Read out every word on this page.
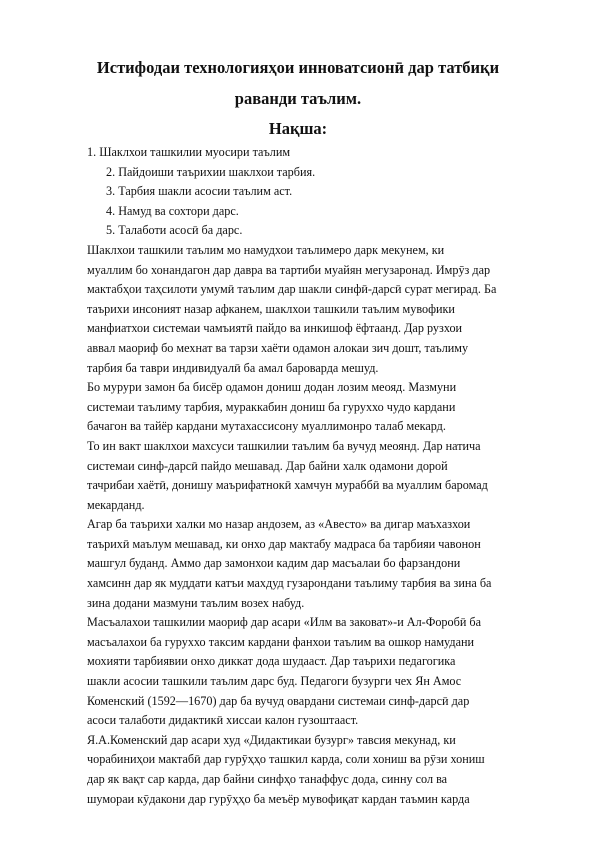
Истифодаи технологияҳои инноватсионӣ дар татбиқи
раванди таълим.
Нақша:
1. Шаклхои ташкилии муосири таълим
2. Пайдоиши таърихии шаклхои тарбия.
3. Тарбия шакли асосии таълим аст.
4. Намуд ва сохтори дарс.
5. Талаботи асосӣ ба дарс.
Шаклхои ташкили таълим мо намудхои таълимеро дарк мекунем, ки
муаллим бо хонандагон дар давра ва тартиби муайян мегузаронад. Имрӯз дар
мактабҳои таҳсилоти умумӣ таълим дар шакли синфӣ-дарсӣ сурат мегирад. Ба
таърихи инсоният назар афканем, шаклхои ташкили таълим мувофики
манфиатхои системаи чамъиятӣ пайдо ва инкишоф ёфтаанд. Дар рузхои
аввал маориф бо мехнат ва тарзи хаёти одамон алокаи зич дошт, таълиму
тарбия ба таври индивидуалӣ ба амал бароварда мешуд.
Бо мурури замон ба бисёр одамон дониш додан лозим меояд. Мазмуни
системаи таълиму тарбия, мураккабин дониш ба гуруххо чудо кардани
бачагон ва тайёр кардани мутахассисону муаллимонро талаб мекард.
То ин вакт шаклхои махсуси ташкилии таълим ба вучуд меоянд. Дар натича
системаи синф-дарсӣ пайдо мешавад. Дар байни халк одамони дорой
тачрибаи хаётӣ, донишу маърифатнокӣ хамчун мураббӣ ва муаллим баромад
мекарданд.
Агар ба таърихи халки мо назар андозем, аз «Авесто» ва дигар маъхазхои
таърихӣ маълум мешавад, ки онхо дар мактабу мадраса ба тарбияи чавонон
машгул буданд. Аммо дар замонхои кадим дар масъалаи бо фарзандони
хамсинн дар як муддати катъи махдуд гузарондани таълиму тарбия ва зина ба
зина додани мазмуни таълим возех набуд.
Масъалахои ташкилии маориф дар асари «Илм ва заковат»-и Ал-Форобӣ ба
масъалахои ба гуруххо таксим кардани фанхои таълим ва ошкор намудани
мохияти тарбиявии онхо диккат дода шудааст. Дар таърихи педагогика
шакли асосии ташкили таълим дарс буд. Педагоги бузурги чех Ян Амос
Коменский (1592—1670) дар ба вучуд овардани системаи синф-дарсӣ дар
асоси талаботи дидактикӣ хиссаи калон гузоштааст.
Я.А.Коменский дар асари худ «Дидактикаи бузург» тавсия мекунад, ки
чорабиниҳои мактабӣ дар гурӯҳҳо ташкил карда, соли хониш ва рӯзи хониш
дар як вақт сар карда, дар байни синфҳо танаффус дода, синну сол ва
шумораи кӯдакони дар гурӯҳҳо ба меъёр мувофиқат кардан таъмин карда
